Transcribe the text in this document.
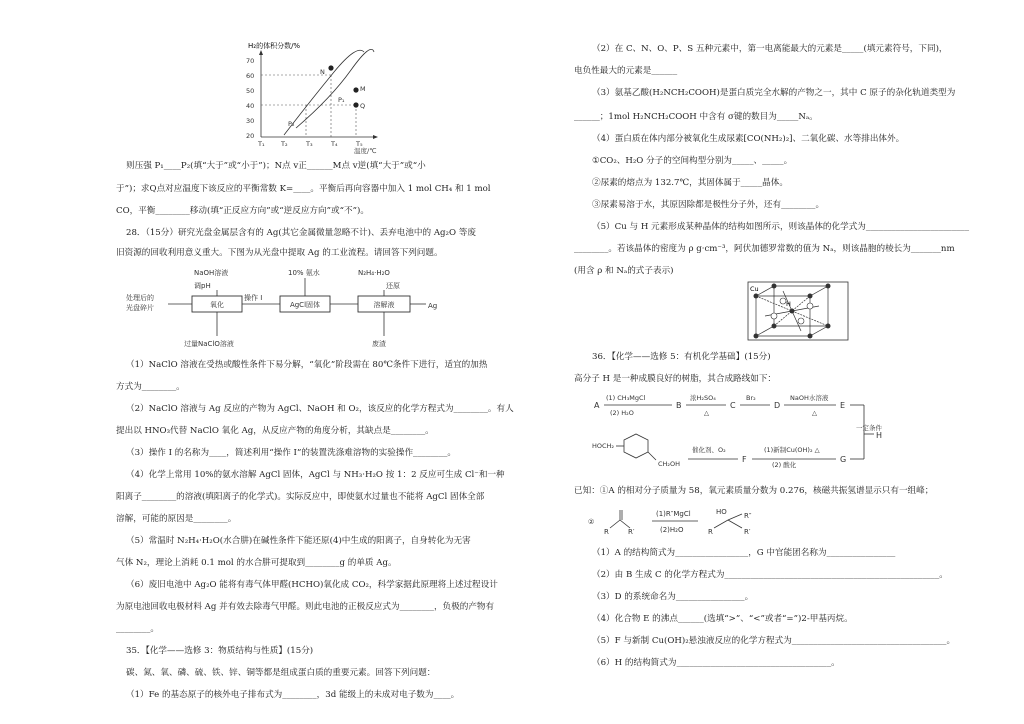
H₂的体积分数/%
70
60
50
40
30
20
T₁	T₂	T₃	T₄	T₅
温度/℃
N
M
Q
P₁
P₂
则压强 P₁____P₂(填“大于”或“小于”)；N点 v正______M点 v逆(填“大于”或“小
于”)；求Q点对应温度下该反应的平衡常数 K=____。平衡后再向容器中加入 1 mol CH₄ 和 1 mol
CO，平衡________移动(填“正反应方向”或“逆反应方向”或“不”)。
28．（15分）研究光盘金属层含有的 Ag(其它金属微量忽略不计)、丢弃电池中的 Ag₂O 等废
旧资源的回收利用意义重大。下图为从光盘中提取 Ag 的工业流程。请回答下列问题。
NaOH溶液
调pH
10% 氨水	N₂H₄·H₂O
还原
处理后的
光盘碎片
操作 I
Ag
过量NaClO溶液	废渣
氧化	AgCl固体	溶解液
（1）NaClO 溶液在受热或酸性条件下易分解，“氧化”阶段需在 80℃条件下进行，适宜的加热
方式为________。
（2）NaClO 溶液与 Ag 反应的产物为 AgCl、NaOH 和 O₂，该反应的化学方程式为________。有人
提出以 HNO₃代替 NaClO 氧化 Ag，从反应产物的角度分析，其缺点是________。
（3）操作 I 的名称为____，简述利用“操作 I”的装置洗涤难溶物的实验操作________。
（4）化学上常用 10%的氨水溶解 AgCl 固体，AgCl 与 NH₃·H₂O 按 1：2 反应可生成 Cl⁻和一种
阳离子________的溶液(填阳离子的化学式)。实际反应中，即使氨水过量也不能将 AgCl 固体全部
溶解，可能的原因是________。
（5）常温时 N₂H₄·H₂O(水合肼)在碱性条件下能还原(4)中生成的阳离子，自身转化为无害
气体 N₂，理论上消耗 0.1 mol 的水合肼可提取到________g 的单质 Ag。
（6）废旧电池中 Ag₂O 能将有毒气体甲醛(HCHO)氧化成 CO₂，科学家据此原理将上述过程设计
为原电池回收电极材料 Ag 并有效去除毒气甲醛。则此电池的正极反应式为________，负极的产物有
________。
35．【化学——选修 3：物质结构与性质】(15分)
碳、氮、氧、磷、硫、铁、锌、铜等都是组成蛋白质的重要元素。回答下列问题：
（1）Fe 的基态原子的核外电子排布式为________，3d 能级上的未成对电子数为____。
（2）在 C、N、O、P、S 五种元素中，第一电离能最大的元素是_____(填元素符号，下同)，
电负性最大的元素是______
（3）氨基乙酸(H₂NCH₂COOH)是蛋白质完全水解的产物之一，其中 C 原子的杂化轨道类型为
______；1mol H₂NCH₂COOH 中含有 σ键的数目为_____Nₐ。
（4）蛋白质在体内部分被氧化生成尿素[CO(NH₂)₂]、二氧化碳、水等排出体外。
①CO₂、H₂O 分子的空间构型分别为_____、_____。
②尿素的熔点为 132.7℃，其固体属于_____晶体。
③尿素易溶于水，其原因除都是极性分子外，还有________。
（5）Cu 与 H 元素形成某种晶体的结构如图所示，则该晶体的化学式为________________________
________。若该晶体的密度为 ρ g·cm⁻³，阿伏加德罗常数的值为 Nₐ，则该晶胞的棱长为_______nm
(用含 ρ 和 Nₐ的式子表示)
Cu
H
36．【化学——选修 5：有机化学基础】(15分)
高分子 H 是一种成膜良好的树脂，其合成路线如下：
A	B	C	D	E
H
F	G
(1) CH₃MgCl
(2) H₂O
浓H₂SO₄
△
Br₂	NaOH水溶液
△
一定条件
HOCH₂
CH₂OH
催化剂、O₂	(1)新制Cu(OH)₂ △
(2) 酸化
已知：①A 的相对分子质量为 58，氧元素质量分数为 0.276，核磁共振氢谱显示只有一组峰；
②
R	R′
(1)R″MgCl
(2)H₂O
HO
R
R″
R′
（1）A 的结构简式为_________________，G 中官能团名称为________________
（2）由 B 生成 C 的化学方程式为__________________________________________________。
（3）D 的系统命名为________________。
（4）化合物 E 的沸点______(选填“>”、“<”或者“=”)2-甲基丙烷。
（5）F 与新制 Cu(OH)₂悬浊液反应的化学方程式为____________________________________。
（6）H 的结构简式为____________________________________。
